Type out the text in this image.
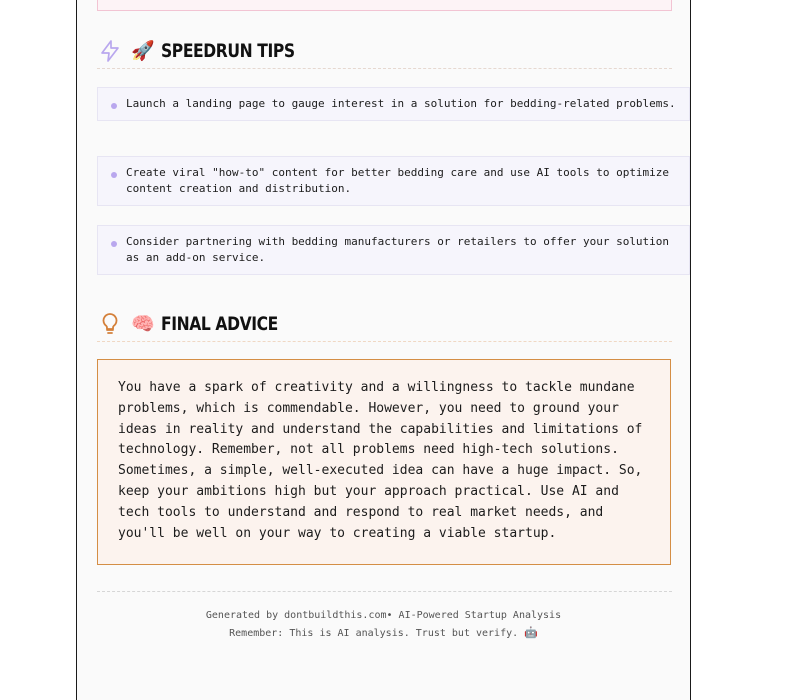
🚀 SPEEDRUN TIPS
Launch a landing page to gauge interest in a solution for bedding-related problems.
Create viral "how-to" content for better bedding care and use AI tools to optimize content creation and distribution.
Consider partnering with bedding manufacturers or retailers to offer your solution as an add-on service.
🧠 FINAL ADVICE
You have a spark of creativity and a willingness to tackle mundane problems, which is commendable. However, you need to ground your ideas in reality and understand the capabilities and limitations of technology. Remember, not all problems need high-tech solutions. Sometimes, a simple, well-executed idea can have a huge impact. So, keep your ambitions high but your approach practical. Use AI and tech tools to understand and respond to real market needs, and you'll be well on your way to creating a viable startup.
Generated by dontbuildthis.com• AI-Powered Startup Analysis
Remember: This is AI analysis. Trust but verify. 🤖
